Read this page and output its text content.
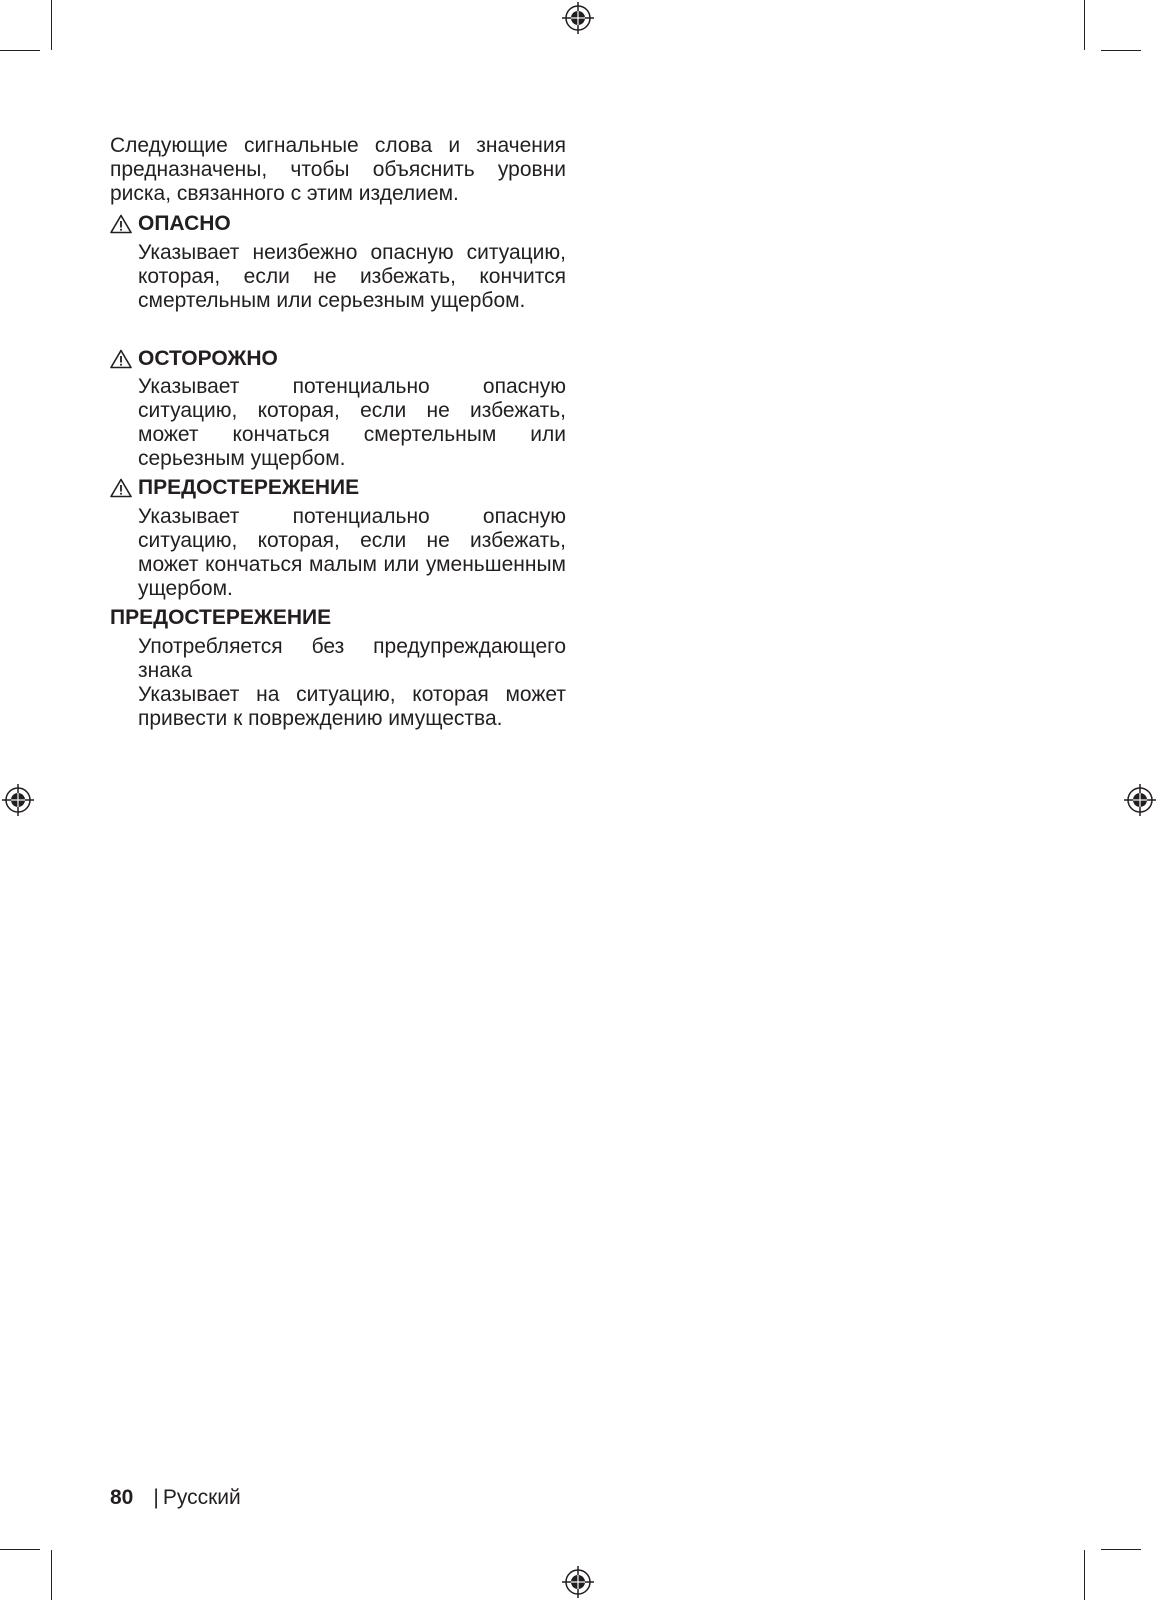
Следующие сигнальные слова и значения предназначены, чтобы объяснить уровни риска, связанного с этим изделием.

ОПАСНО

Указывает неизбежно опасную ситуацию, которая, если не избежать, кончится смертельным или серьезным ущербом.

ОСТОРОЖНО

Указывает потенциально опасную ситуацию, которая, если не избежать, может кончаться смертельным или серьезным ущербом.

ПРЕДОСТЕРЕЖЕНИЕ

Указывает потенциально опасную ситуацию, которая, если не избежать, может кончаться малым или уменьшенным ущербом.

ПРЕДОСТЕРЕЖЕНИЕ

Употребляется без предупреждающего знака

Указывает на ситуацию, которая может привести к повреждению имущества.

80 | Русский
